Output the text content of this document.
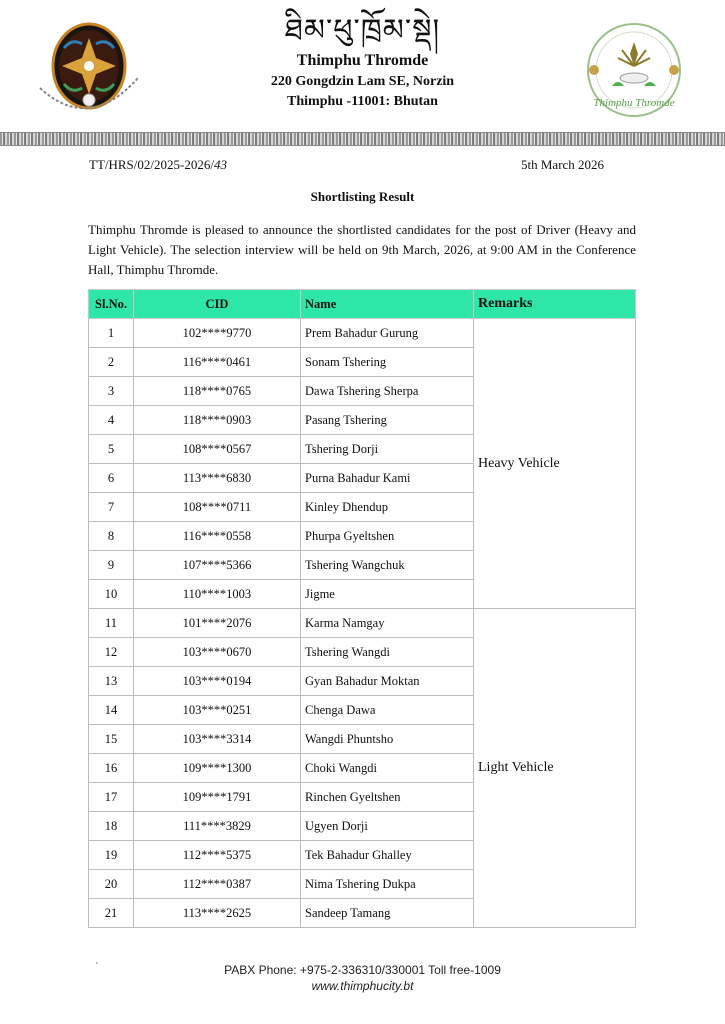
ཐིམ་ཕུ་ཁྲོམ་སྡེ།
Thimphu Thromde
220 Gongdzin Lam SE, Norzin
Thimphu -11001: Bhutan	Thimphu Thromde
TT/HRS/02/2025-2026/43	5th March 2026
Shortlisting Result
Thimphu Thromde is pleased to announce the shortlisted candidates for the post of Driver (Heavy and Light Vehicle). The selection interview will be held on 9th March, 2026, at 9:00 AM in the Conference Hall, Thimphu Thromde.
Sl.No.	CID	Name	Remarks
1	102****9770	Prem Bahadur Gurung	Heavy Vehicle
2	116****0461	Sonam Tshering	
3	118****0765	Dawa Tshering Sherpa	
4	118****0903	Pasang Tshering	
5	108****0567	Tshering Dorji	
6	113****6830	Purna Bahadur Kami	
7	108****0711	Kinley Dhendup	
8	116****0558	Phurpa Gyeltshen	
9	107****5366	Tshering Wangchuk	
10	110****1003	Jigme	
11	101****2076	Karma Namgay	Light Vehicle
12	103****0670	Tshering Wangdi	
13	103****0194	Gyan Bahadur Moktan	
14	103****0251	Chenga Dawa	
15	103****3314	Wangdi Phuntsho	
16	109****1300	Choki Wangdi	
17	109****1791	Rinchen Gyeltshen	
18	111****3829	Ugyen Dorji	
19	112****5375	Tek Bahadur Ghalley	
20	112****0387	Nima Tshering Dukpa	
21	113****2625	Sandeep Tamang	
PABX Phone: +975-2-336310/330001 Toll free-1009
www.thimphucity.bt
